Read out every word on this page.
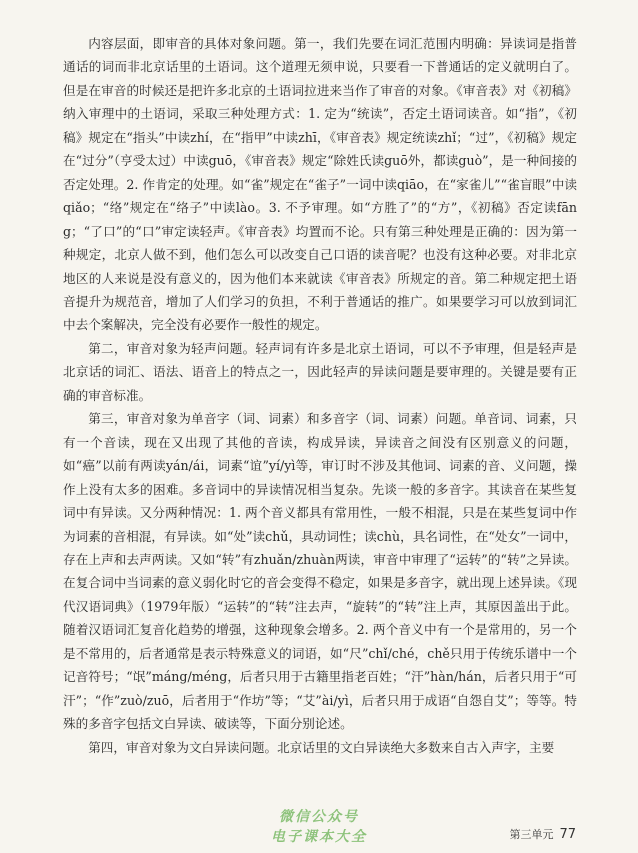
内容层面，即审音的具体对象问题。第一，我们先要在词汇范围内明确：异读词是指普通话的词而非北京话里的土语词。这个道理无须申说，只要看一下普通话的定义就明白了。但是在审音的时候还是把许多北京的土语词拉进来当作了审音的对象。《审音表》对《初稿》纳入审理中的土语词，采取三种处理方式：1. 定为“统读”，否定土语词读音。如“指”，《初稿》规定在“指头”中读zhí，在“指甲”中读zhī，《审音表》规定统读zhǐ；“过”，《初稿》规定在“过分”（亨受太过）中读guō，《审音表》规定“除姓氏读guō外，都读guò”，是一种间接的否定处理。2. 作肯定的处理。如“雀”规定在“雀子”一词中读qiāo，在“家雀儿”“雀盲眼”中读qiǎo；“络”规定在“络子”中读lào。3. 不予审理。如“方胜了”的“方”，《初稿》否定读fāng；“了口”的“口”审定读轻声。《审音表》均置而不论。只有第三种处理是正确的：因为第一种规定，北京人做不到，他们怎么可以改变自己口语的读音呢？也没有这种必要。对非北京地区的人来说是没有意义的，因为他们本来就读《审音表》所规定的音。第二种规定把土语音提升为规范音，增加了人们学习的负担，不利于普通话的推广。如果要学习可以放到词汇中去个案解决，完全没有必要作一般性的规定。

第二，审音对象为轻声问题。轻声词有许多是北京土语词，可以不予审理，但是轻声是北京话的词汇、语法、语音上的特点之一，因此轻声的异读问题是要审理的。关键是要有正确的审音标准。

第三，审音对象为单音字（词、词素）和多音字（词、词素）问题。单音词、词素，只有一个音读，现在又出现了其他的音读，构成异读，异读音之间没有区别意义的问题，如“癌”以前有两读yán/ái，词素“谊”yí/yì等，审订时不涉及其他词、词素的音、义问题，操作上没有太多的困难。多音词中的异读情况相当复杂。先谈一般的多音字。其读音在某些复词中有异读。又分两种情况：1. 两个音义都具有常用性，一般不相混，只是在某些复词中作为词素的音相混，有异读。如“处”读chǔ，具动词性；读chù，具名词性，在“处女”一词中，存在上声和去声两读。又如“转”有zhuǎn/zhuàn两读，审音中审理了“运转”的“转”之异读。在复合词中当词素的意义弱化时它的音会变得不稳定，如果是多音字，就出现上述异读。《现代汉语词典》（1979年版）“运转”的“转”注去声，“旋转”的“转”注上声，其原因盖出于此。随着汉语词汇复音化趋势的增强，这种现象会增多。2. 两个音义中有一个是常用的，另一个是不常用的，后者通常是表示特殊意义的词语，如“尺”chǐ/ché，chě只用于传统乐谱中一个记音符号；“氓”máng/méng，后者只用于古籍里指老百姓；“汗”hàn/hán，后者只用于“可汗”；“作”zuò/zuō，后者用于“作坊”等；“艾”ài/yì，后者只用于成语“自怨自艾”；等等。特殊的多音字包括文白异读、破读等，下面分别论述。

第四，审音对象为文白异读问题。北京话里的文白异读绝大多数来自古入声字，主要

微信公众号
电子课本大全	第三单元 77
